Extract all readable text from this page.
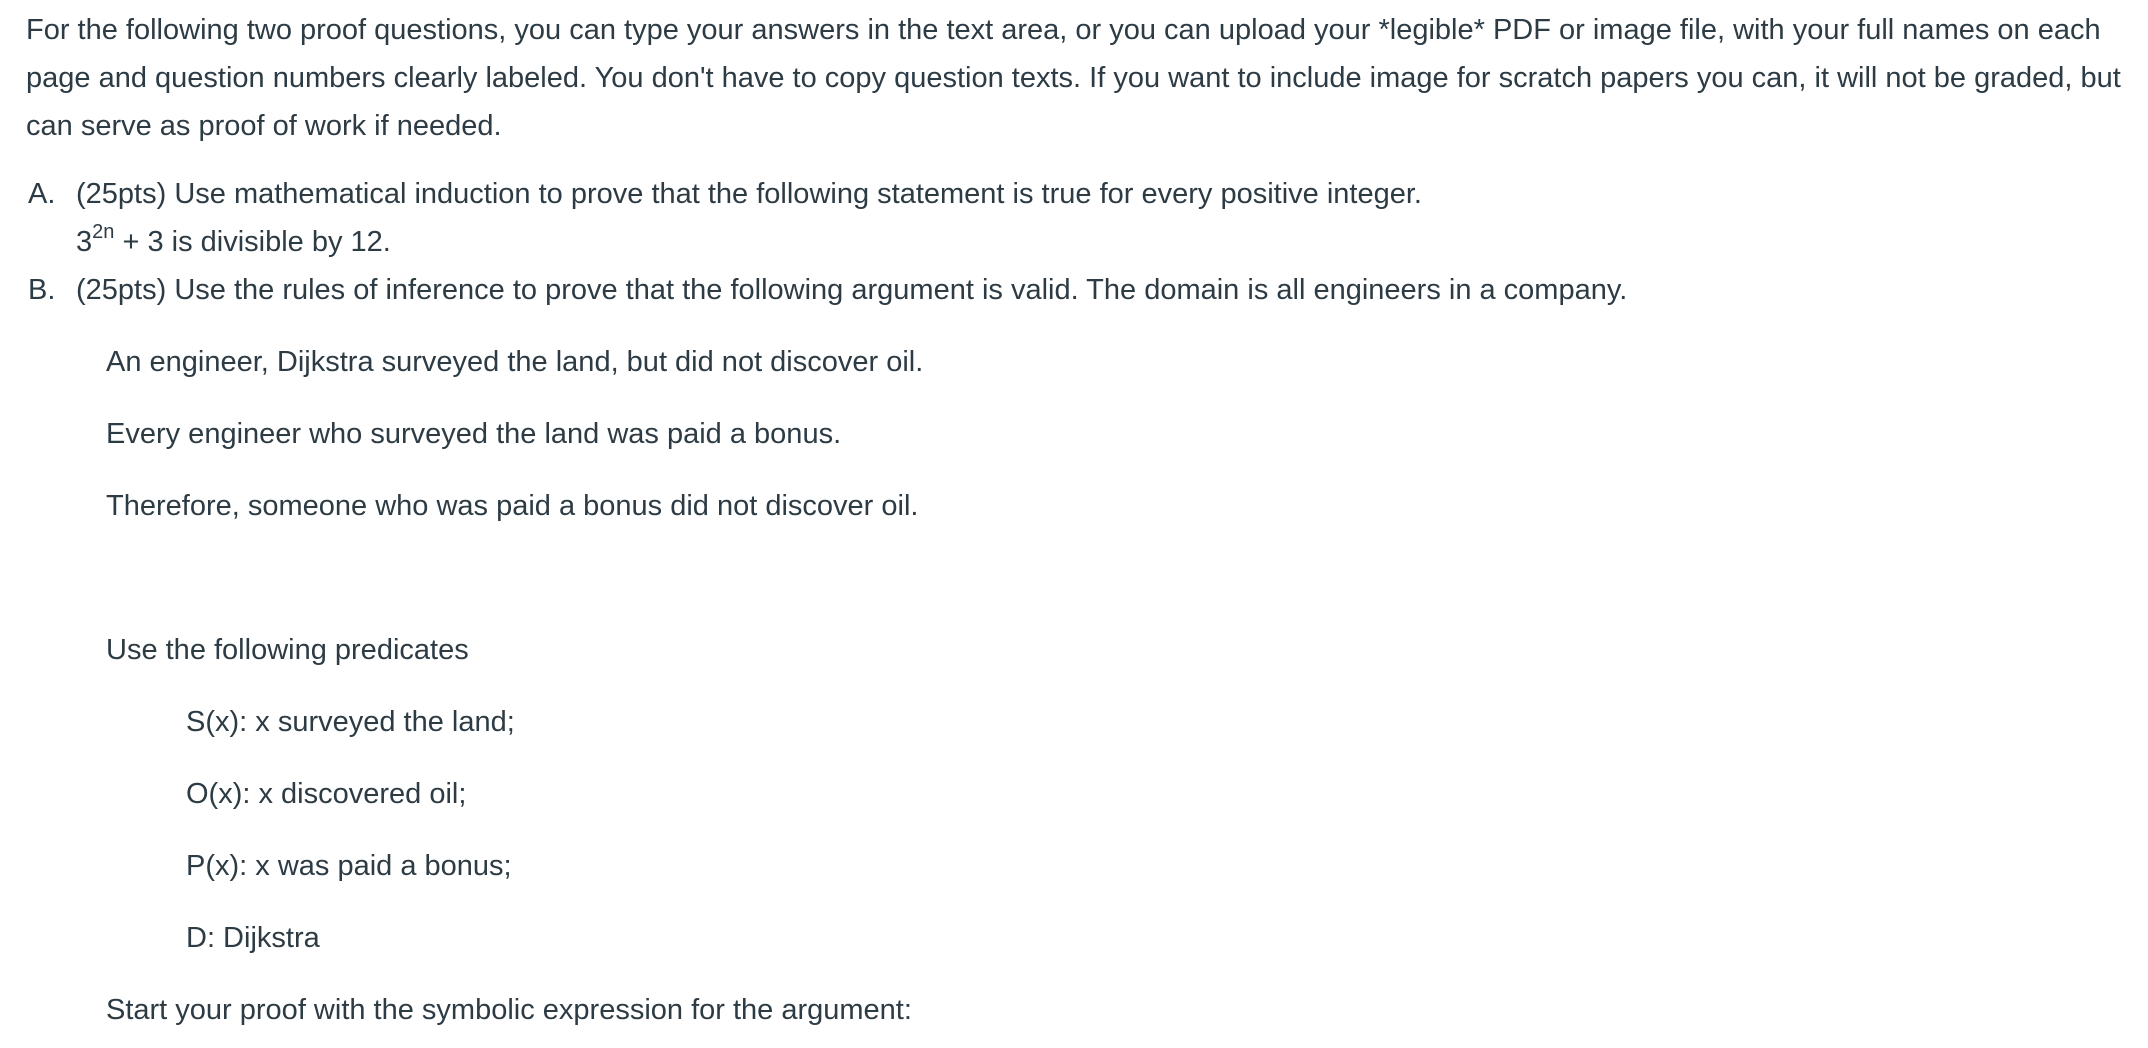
For the following two proof questions, you can type your answers in the text area, or you can upload your *legible* PDF or image file, with your full names on each page and question numbers clearly labeled. You don't have to copy question texts. If you want to include image for scratch papers you can, it will not be graded, but can serve as proof of work if needed.

A. (25pts) Use mathematical induction to prove that the following statement is true for every positive integer.
$3^{2n} + 3$ is divisible by 12.
B. (25pts) Use the rules of inference to prove that the following argument is valid. The domain is all engineers in a company.

An engineer, Dijkstra surveyed the land, but did not discover oil.

Every engineer who surveyed the land was paid a bonus.

Therefore, someone who was paid a bonus did not discover oil.

Use the following predicates

S(x): x surveyed the land;

O(x): x discovered oil;

P(x): x was paid a bonus;

D: Dijkstra

Start your proof with the symbolic expression for the argument:
